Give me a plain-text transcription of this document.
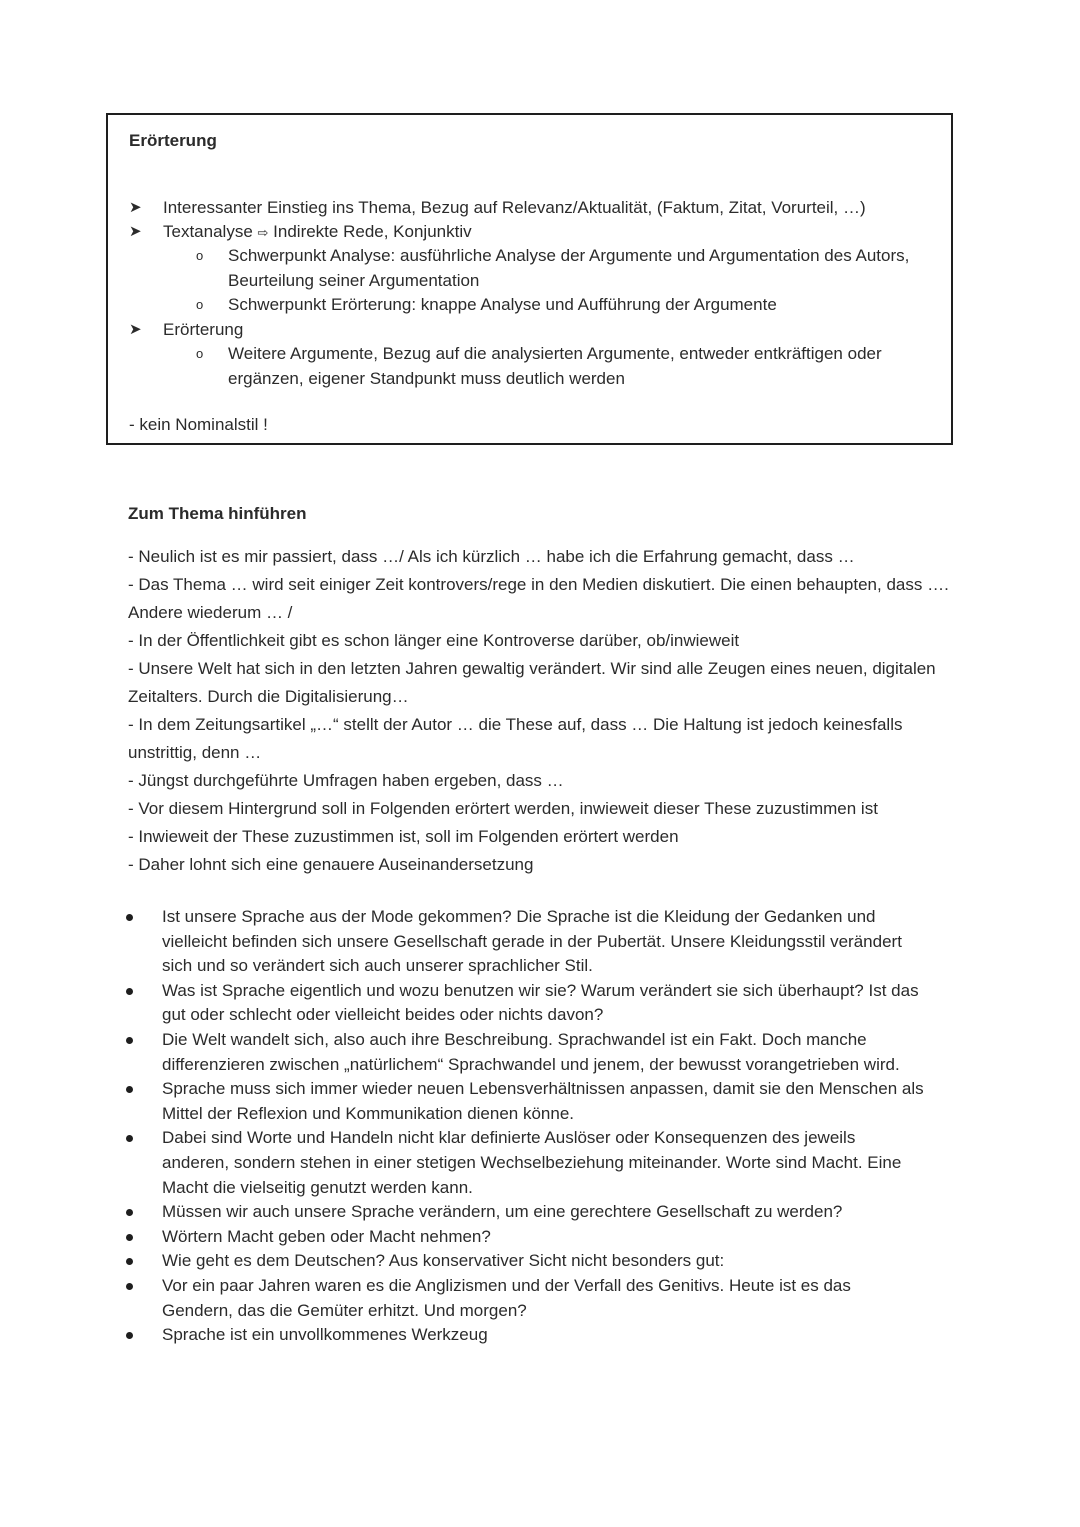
Erörterung
➤ Interessanter Einstieg ins Thema, Bezug auf Relevanz/Aktualität, (Faktum, Zitat, Vorurteil, …)
➤ Textanalyse ⇨ Indirekte Rede, Konjunktiv
o Schwerpunkt Analyse: ausführliche Analyse der Argumente und Argumentation des Autors, Beurteilung seiner Argumentation
o Schwerpunkt Erörterung: knappe Analyse und Aufführung der Argumente
➤ Erörterung
o Weitere Argumente, Bezug auf die analysierten Argumente, entweder entkräftigen oder ergänzen, eigener Standpunkt muss deutlich werden
- kein Nominalstil !
Zum Thema hinführen
- Neulich ist es mir passiert, dass …/ Als ich kürzlich … habe ich die Erfahrung gemacht, dass …
- Das Thema … wird seit einiger Zeit kontrovers/rege in den Medien diskutiert. Die einen behaupten, dass …. Andere wiederum … /
- In der Öffentlichkeit gibt es schon länger eine Kontroverse darüber, ob/inwieweit
- Unsere Welt hat sich in den letzten Jahren gewaltig verändert. Wir sind alle Zeugen eines neuen, digitalen Zeitalters. Durch die Digitalisierung…
- In dem Zeitungsartikel „…“ stellt der Autor … die These auf, dass … Die Haltung ist jedoch keinesfalls unstrittig, denn …
- Jüngst durchgeführte Umfragen haben ergeben, dass …
- Vor diesem Hintergrund soll in Folgenden erörtert werden, inwieweit dieser These zuzustimmen ist
- Inwieweit der These zuzustimmen ist, soll im Folgenden erörtert werden
- Daher lohnt sich eine genauere Auseinandersetzung
Ist unsere Sprache aus der Mode gekommen? Die Sprache ist die Kleidung der Gedanken und vielleicht befinden sich unsere Gesellschaft gerade in der Pubertät. Unsere Kleidungsstil verändert sich und so verändert sich auch unserer sprachlicher Stil.
Was ist Sprache eigentlich und wozu benutzen wir sie? Warum verändert sie sich überhaupt? Ist das gut oder schlecht oder vielleicht beides oder nichts davon?
Die Welt wandelt sich, also auch ihre Beschreibung. Sprachwandel ist ein Fakt. Doch manche differenzieren zwischen „natürlichem“ Sprachwandel und jenem, der bewusst vorangetrieben wird.
Sprache muss sich immer wieder neuen Lebensverhältnissen anpassen, damit sie den Menschen als Mittel der Reflexion und Kommunikation dienen könne.
Dabei sind Worte und Handeln nicht klar definierte Auslöser oder Konsequenzen des jeweils anderen, sondern stehen in einer stetigen Wechselbeziehung miteinander. Worte sind Macht. Eine Macht die vielseitig genutzt werden kann.
Müssen wir auch unsere Sprache verändern, um eine gerechtere Gesellschaft zu werden?
Wörtern Macht geben oder Macht nehmen?
Wie geht es dem Deutschen? Aus konservativer Sicht nicht besonders gut:
Vor ein paar Jahren waren es die Anglizismen und der Verfall des Genitivs. Heute ist es das Gendern, das die Gemüter erhitzt. Und morgen?
Sprache ist ein unvollkommenes Werkzeug
